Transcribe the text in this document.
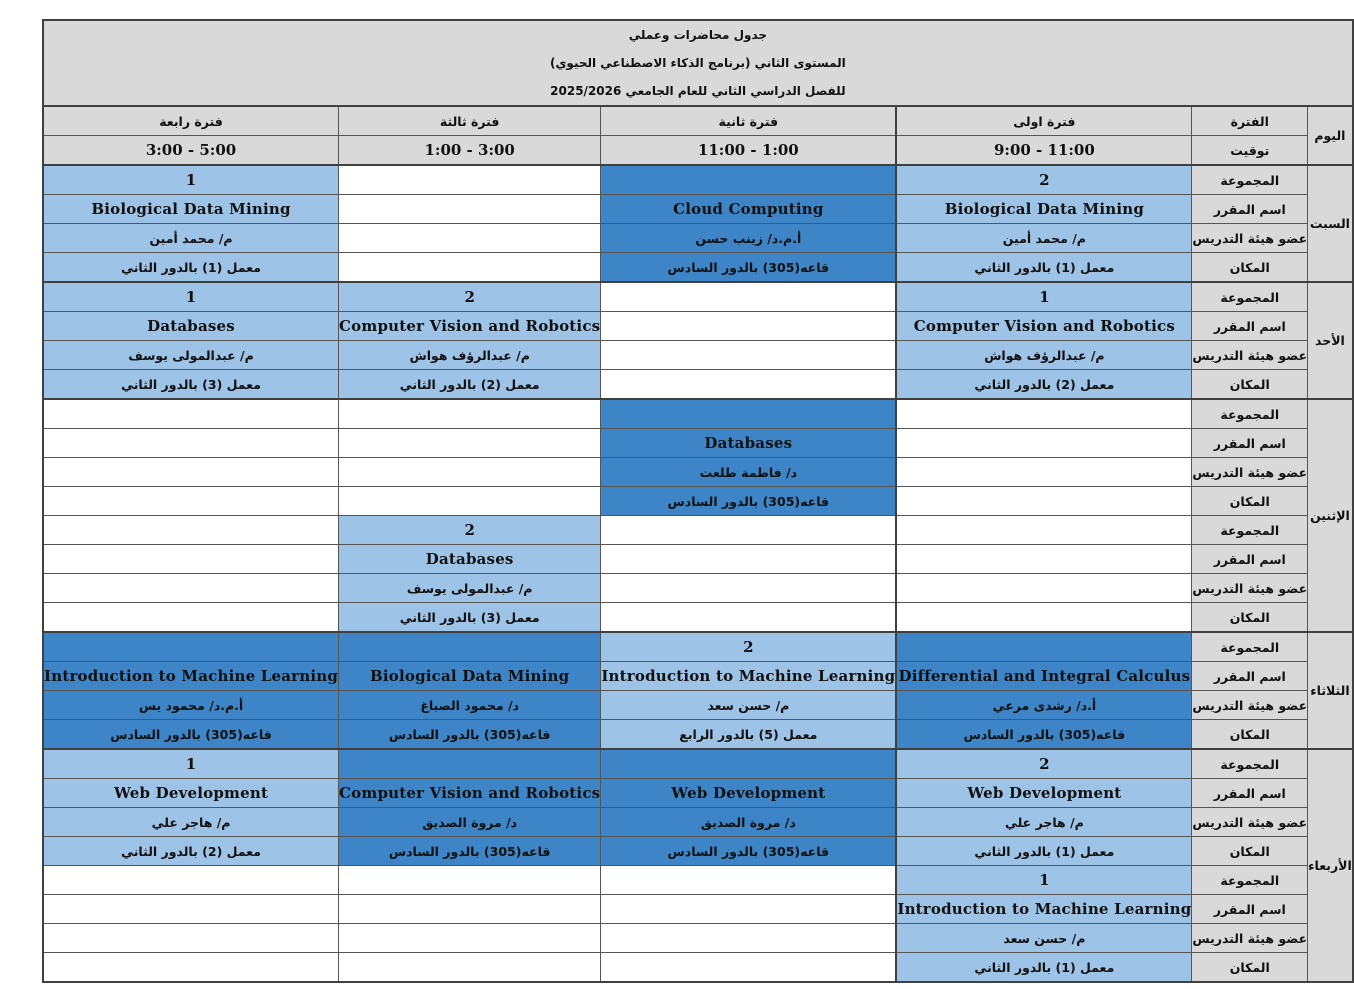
جدول محاضرات وعملي					
المستوى الثاني (برنامج الذكاء الاصطناعي الحيوي)					
للفصل الدراسي الثاني للعام الجامعي 2025/2026					
فترة رابعة	فترة ثالثة	فترة ثانية	فترة اولى	الفترة	اليوم
3:00 - 5:00	1:00 - 3:00	11:00 - 1:00	9:00 - 11:00	توقيت	
1			2	المجموعة	السبت
Biological Data Mining		Cloud Computing	Biological Data Mining	اسم المقرر	
م/ محمد أمين		أ.م.د/ زينب حسن	م/ محمد أمين	عضو هيئة التدريس	
معمل (1) بالدور الثاني		قاعه(305) بالدور السادس	معمل (1) بالدور الثاني	المكان	
1	2		1	المجموعة	الأحد
Databases	Computer Vision and Robotics		Computer Vision and Robotics	اسم المقرر	
م/ عبدالمولى يوسف	م/ عبدالرؤف هواش		م/ عبدالرؤف هواش	عضو هيئة التدريس	
معمل (3) بالدور الثاني	معمل (2) بالدور الثاني		معمل (2) بالدور الثاني	المكان	
				المجموعة	الإثنين
		Databases		اسم المقرر	
		د/ فاطمة طلعت		عضو هيئة التدريس	
		قاعه(305) بالدور السادس		المكان	
	2			المجموعة	
	Databases			اسم المقرر	
	م/ عبدالمولى يوسف			عضو هيئة التدريس	
	معمل (3) بالدور الثاني			المكان	
		2		المجموعة	الثلاثاء
Introduction to Machine Learning	Biological Data Mining	Introduction to Machine Learning	Differential and Integral Calculus	اسم المقرر	
أ.م.د/ محمود يس	د/ محمود الصباغ	م/ حسن سعد	أ.د/ رشدى مرعي	عضو هيئة التدريس	
قاعه(305) بالدور السادس	قاعه(305) بالدور السادس	معمل (5) بالدور الرابع	قاعه(305) بالدور السادس	المكان	
1			2	المجموعة	الأربعاء
Web Development	Computer Vision and Robotics	Web Development	Web Development	اسم المقرر	
م/ هاجر علي	د/ مروة الصديق	د/ مروة الصديق	م/ هاجر علي	عضو هيئة التدريس	
معمل (2) بالدور الثاني	قاعه(305) بالدور السادس	قاعه(305) بالدور السادس	معمل (1) بالدور الثاني	المكان	
			1	المجموعة	
			Introduction to Machine Learning	اسم المقرر	
			م/ حسن سعد	عضو هيئة التدريس	
			معمل (1) بالدور الثاني	المكان	
